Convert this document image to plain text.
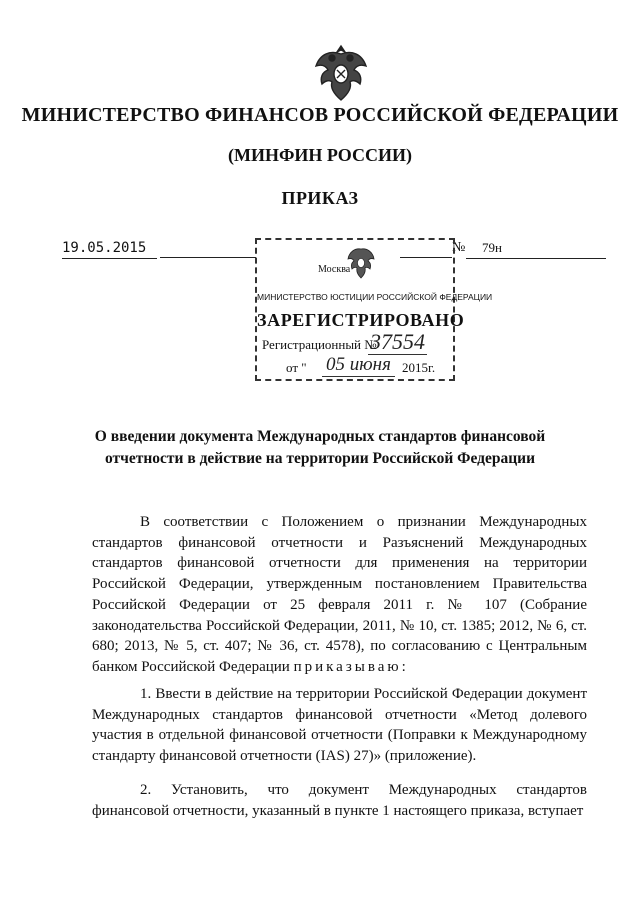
МИНИСТЕРСТВО ФИНАНСОВ РОССИЙСКОЙ ФЕДЕРАЦИИ
(МИНФИН РОССИИ)
ПРИКАЗ
19.05.2015	№	79н
Москва
МИНИСТЕРСТВО ЮСТИЦИИ РОССИЙСКОЙ ФЕДЕРАЦИИ
ЗАРЕГИСТРИРОВАНО
Регистрационный №
37554
от " 05 июня 2015г.
О введении документа Международных стандартов финансовой отчетности в действие на территории Российской Федерации
В соответствии с Положением о признании Международных стандартов финансовой отчетности и Разъяснений Международных стандартов финансовой отчетности для применения на территории Российской Федерации, утвержденным постановлением Правительства Российской Федерации от 25 февраля 2011 г. № 107 (Собрание законодательства Российской Федерации, 2011, № 10, ст. 1385; 2012, № 6, ст. 680; 2013, № 5, ст. 407; № 36, ст. 4578), по согласованию с Центральным банком Российской Федерации приказываю:
1. Ввести в действие на территории Российской Федерации документ Международных стандартов финансовой отчетности «Метод долевого участия в отдельной финансовой отчетности (Поправки к Международному стандарту финансовой отчетности (IAS) 27)» (приложение).
2. Установить, что документ Международных стандартов финансовой отчетности, указанный в пункте 1 настоящего приказа, вступает
